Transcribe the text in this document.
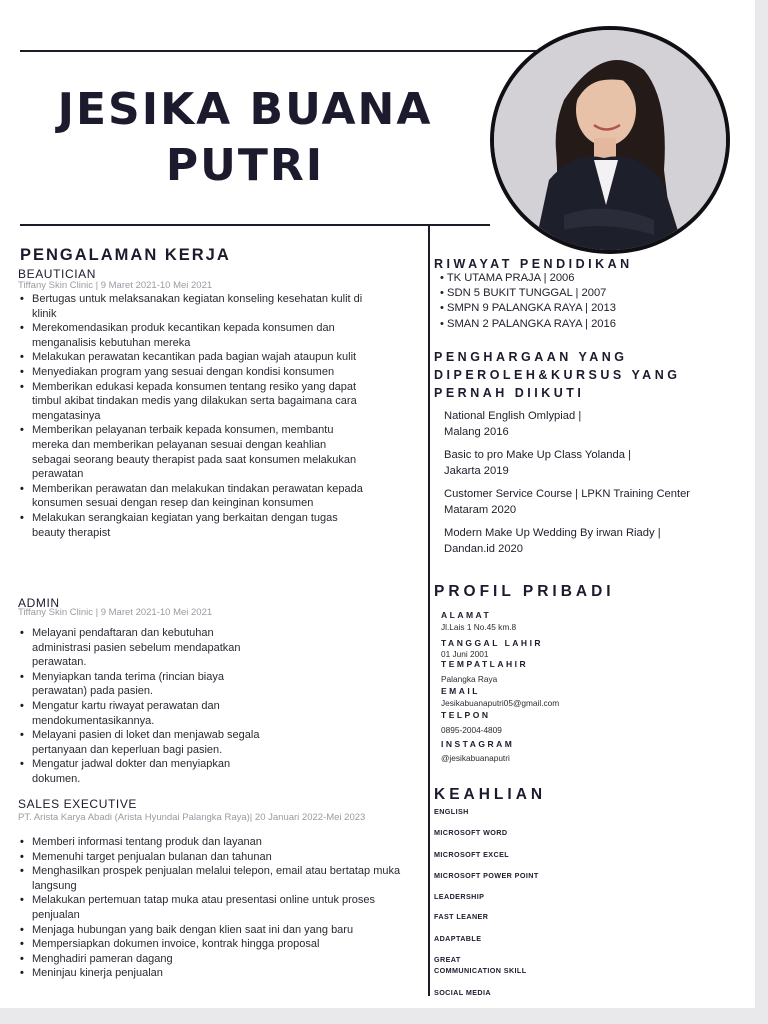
JESIKA BUANA
PUTRI
PENGALAMAN KERJA
BEAUTICIAN
Tiffany Skin Clinic | 9 Maret 2021-10 Mei 2021
• Bertugas untuk melaksanakan kegiatan konseling kesehatan kulit di klinik
• Merekomendasikan produk kecantikan kepada konsumen dan menganalisis kebutuhan mereka
• Melakukan perawatan kecantikan pada bagian wajah ataupun kulit
• Menyediakan program yang sesuai dengan kondisi konsumen
• Memberikan edukasi kepada konsumen tentang resiko yang dapat timbul akibat tindakan medis yang dilakukan serta bagaimana cara mengatasinya
• Memberikan pelayanan terbaik kepada konsumen, membantu mereka dan memberikan pelayanan sesuai dengan keahlian sebagai seorang beauty therapist pada saat konsumen melakukan perawatan
• Memberikan perawatan dan melakukan tindakan perawatan kepada konsumen sesuai dengan resep dan keinginan konsumen
• Melakukan serangkaian kegiatan yang berkaitan dengan tugas beauty therapist
ADMIN
Tiffany Skin Clinic | 9 Maret 2021-10 Mei 2021
• Melayani pendaftaran dan kebutuhan administrasi pasien sebelum mendapatkan perawatan.
• Menyiapkan tanda terima (rincian biaya perawatan) pada pasien.
• Mengatur kartu riwayat perawatan dan mendokumentasikannya.
• Melayani pasien di loket dan menjawab segala pertanyaan dan keperluan bagi pasien.
• Mengatur jadwal dokter dan menyiapkan dokumen.
SALES EXECUTIVE
PT. Arista Karya Abadi (Arista Hyundai Palangka Raya)| 20 Januari 2022-Mei 2023
• Memberi informasi tentang produk dan layanan
• Memenuhi target penjualan bulanan dan tahunan
• Menghasilkan prospek penjualan melalui telepon, email atau bertatap muka langsung
• Melakukan pertemuan tatap muka atau presentasi online untuk proses penjualan
• Menjaga hubungan yang baik dengan klien saat ini dan yang baru
• Mempersiapkan dokumen invoice, kontrak hingga proposal
• Menghadiri pameran dagang
• Meninjau kinerja penjualan
RIWAYAT PENDIDIKAN
• TK UTAMA PRAJA | 2006
• SDN 5 BUKIT TUNGGAL | 2007
• SMPN 9 PALANGKA RAYA | 2013
• SMAN 2 PALANGKA RAYA | 2016
PENGHARGAAN YANG
DIPEROLEH&KURSUS YANG
PERNAH DIIKUTI
National English Omlypiad |
Malang 2016
Basic to pro Make Up Class Yolanda |
Jakarta 2019
Customer Service Course | LPKN Training Center
Mataram 2020
Modern Make Up Wedding By irwan Riady |
Dandan.id 2020
PROFIL PRIBADI
ALAMAT
Jl.Lais 1 No.45 km.8
TANGGAL LAHIR
01 Juni 2001
TEMPATLAHIR
Palangka Raya
EMAIL
Jesikabuanaputri05@gmail.com
TELPON
0895-2004-4809
INSTAGRAM
@jesikabuanaputri
KEAHLIAN
ENGLISH
MICROSOFT WORD
MICROSOFT EXCEL
MICROSOFT POWER POINT
LEADERSHIP
FAST LEANER
ADAPTABLE
GREAT
COMMUNICATION SKILL
SOCIAL MEDIA
